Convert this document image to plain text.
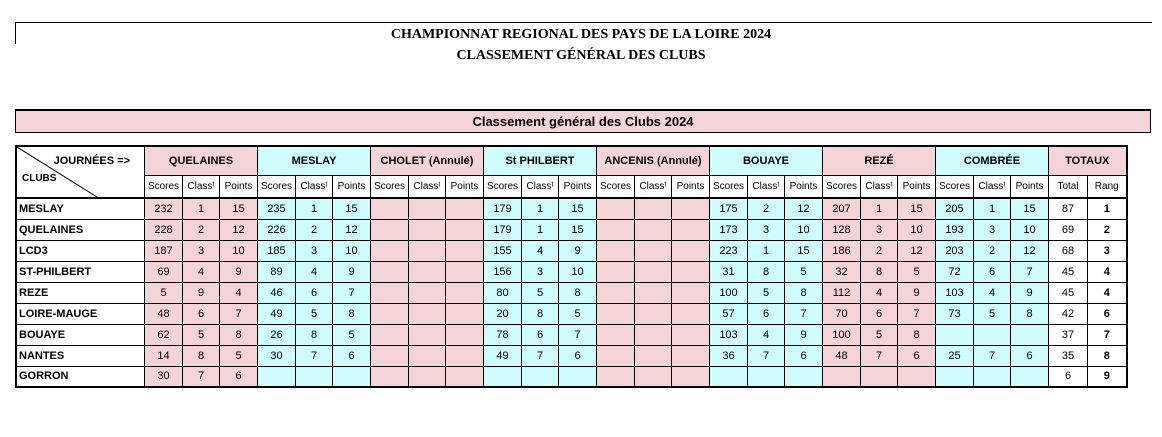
CHAMPIONNAT REGIONAL DES PAYS DE LA LOIRE 2024
CLASSEMENT GÉNÉRAL DES CLUBS
Classement général des Clubs 2024
JOURNÉES =>
CLUBS	QUELAINES			MESLAY			CHOLET (Annulé)			St PHILBERT			ANCENIS (Annulé)			BOUAYE			REZÉ			COMBRÉE			TOTAUX	
	Scores	Classᵗ	Points	Scores	Classᵗ	Points	Scores	Classᵗ	Points	Scores	Classᵗ	Points	Scores	Classᵗ	Points	Scores	Classᵗ	Points	Scores	Classᵗ	Points	Scores	Classᵗ	Points	Total	Rang
MESLAY	232	1	15	235	1	15				179	1	15				175	2	12	207	1	15	205	1	15	87	1
QUELAINES	228	2	12	226	2	12				179	1	15				173	3	10	128	3	10	193	3	10	69	2
LCD3	187	3	10	185	3	10				155	4	9				223	1	15	186	2	12	203	2	12	68	3
ST-PHILBERT	69	4	9	89	4	9				156	3	10				31	8	5	32	8	5	72	6	7	45	4
REZE	5	9	4	46	6	7				80	5	8				100	5	8	112	4	9	103	4	9	45	4
LOIRE-MAUGE	48	6	7	49	5	8				20	8	5				57	6	7	70	6	7	73	5	8	42	6
BOUAYE	62	5	8	26	8	5				78	6	7				103	4	9	100	5	8				37	7
NANTES	14	8	5	30	7	6				49	7	6				36	7	6	48	7	6	25	7	6	35	8
GORRON	30	7	6																						6	9
